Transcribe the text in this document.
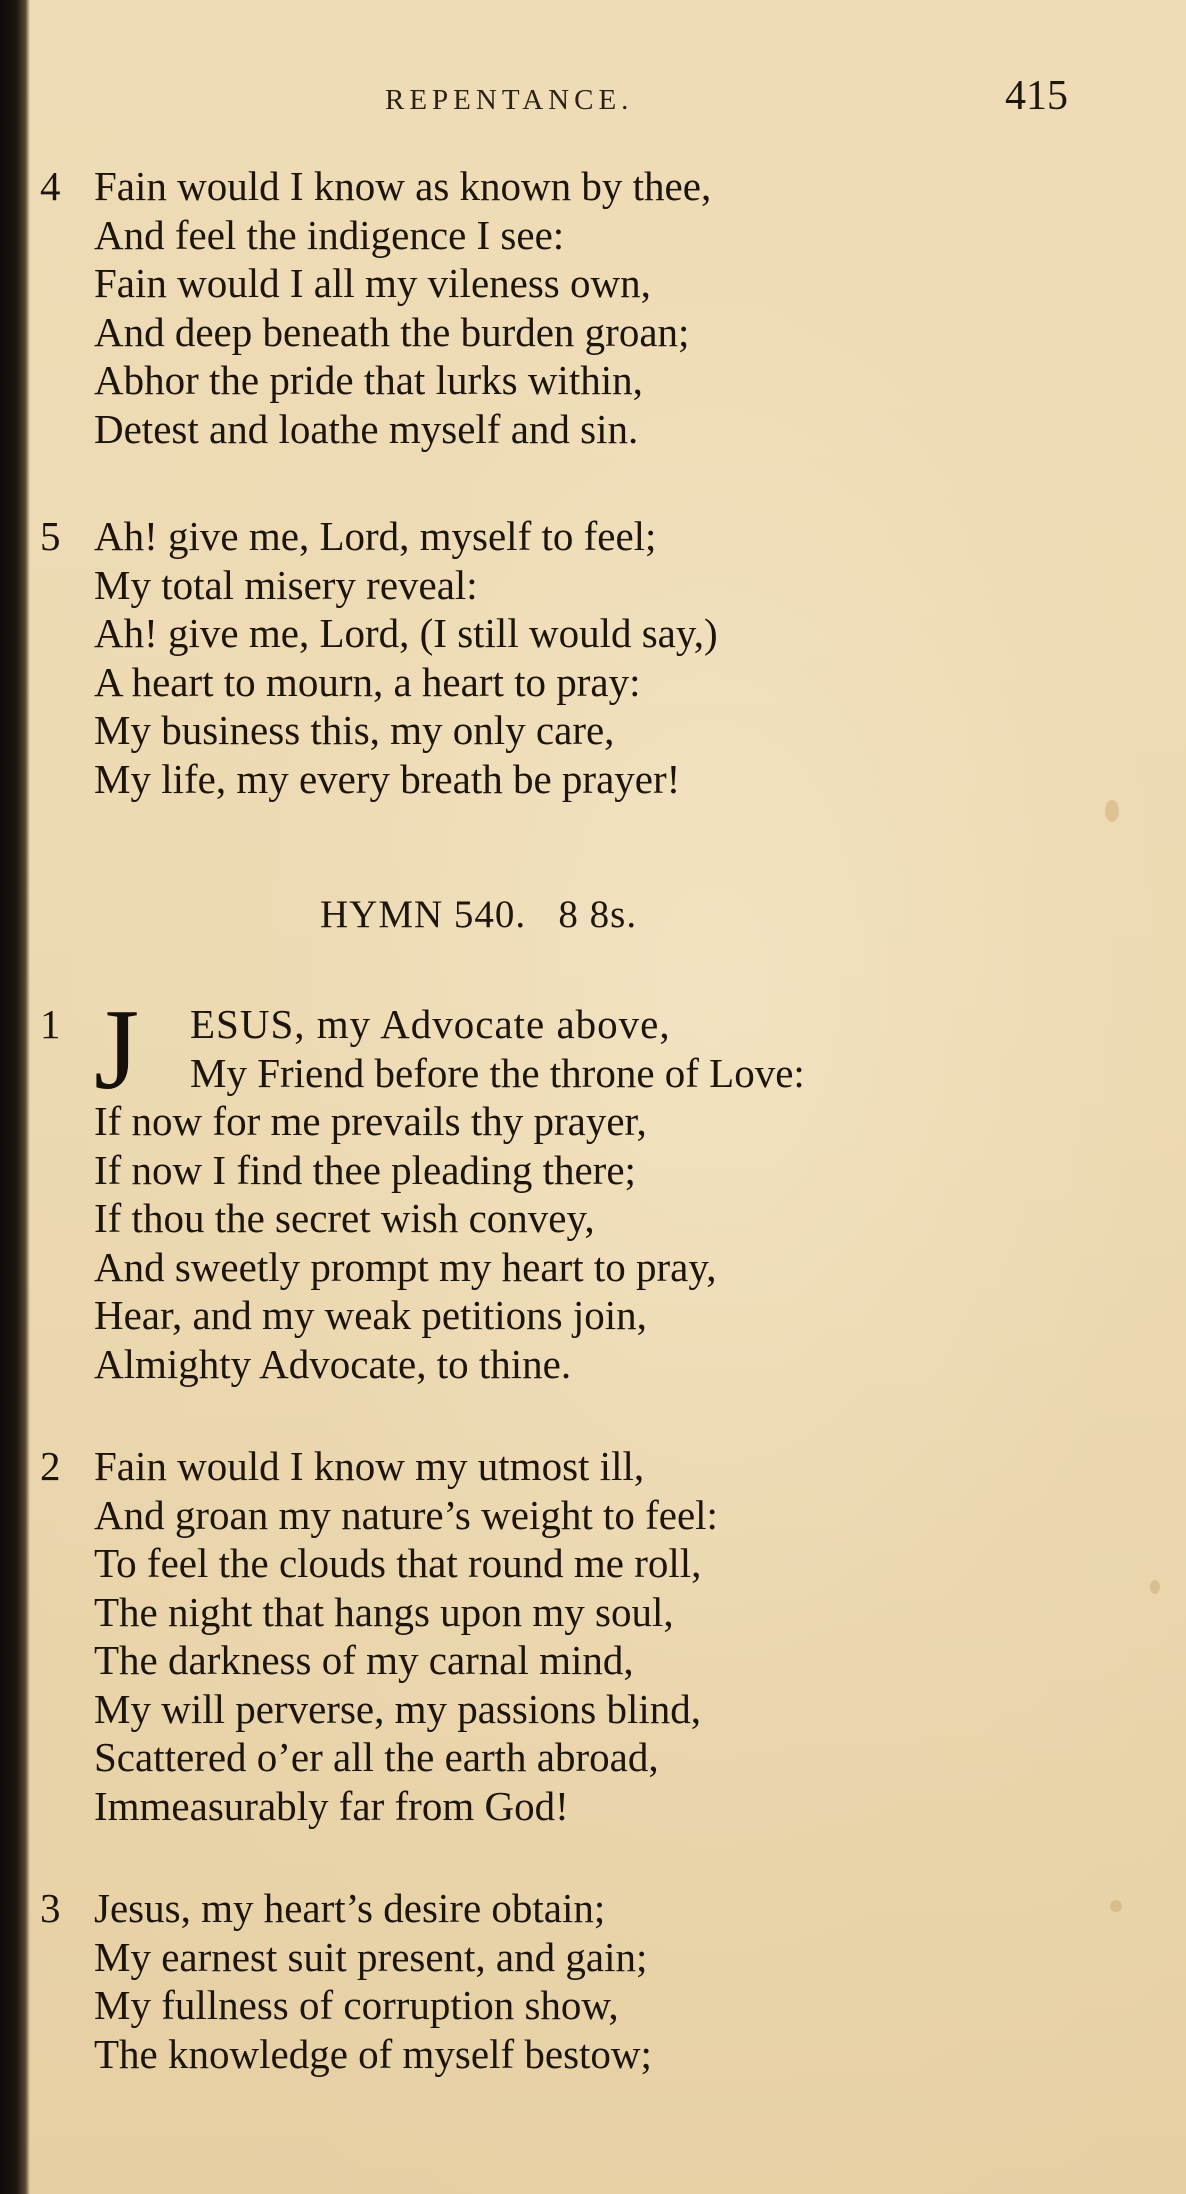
REPENTANCE.	415
4 Fain would I know as known by thee,
And feel the indigence I see:
Fain would I all my vileness own,
And deep beneath the burden groan;
Abhor the pride that lurks within,
Detest and loathe myself and sin.
5 Ah! give me, Lord, myself to feel;
My total misery reveal:
Ah! give me, Lord, (I still would say,)
A heart to mourn, a heart to pray:
My business this, my only care,
My life, my every breath be prayer!
HYMN 540.   8 8s.
J
1	ESUS, my Advocate above,
My Friend before the throne of Love:
If now for me prevails thy prayer,
If now I find thee pleading there;
If thou the secret wish convey,
And sweetly prompt my heart to pray,
Hear, and my weak petitions join,
Almighty Advocate, to thine.
2 Fain would I know my utmost ill,
And groan my nature’s weight to feel:
To feel the clouds that round me roll,
The night that hangs upon my soul,
The darkness of my carnal mind,
My will perverse, my passions blind,
Scattered o’er all the earth abroad,
Immeasurably far from God!
3 Jesus, my heart’s desire obtain;
My earnest suit present, and gain;
My fullness of corruption show,
The knowledge of myself bestow;
